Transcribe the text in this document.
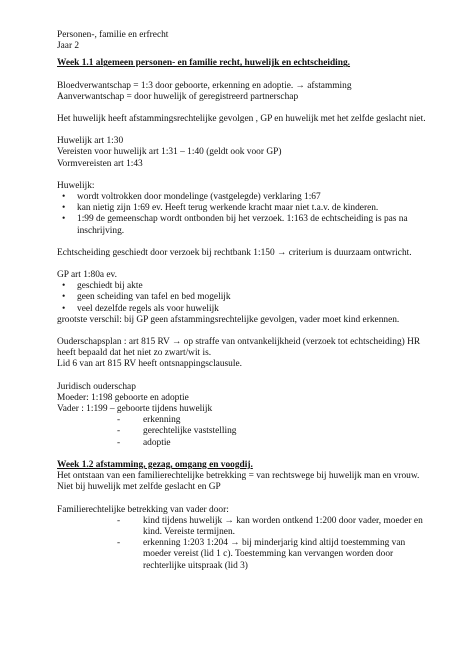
Personen-, familie en erfrecht

Jaar 2

Week 1.1 algemeen personen- en familie recht, huwelijk en echtscheiding.

Bloedverwantschap = 1:3 door geboorte, erkenning en adoptie. → afstamming

Aanverwantschap = door huwelijk of geregistreerd partnerschap

Het huwelijk heeft afstammingsrechtelijke gevolgen , GP en huwelijk met het zelfde geslacht niet.

Huwelijk art 1:30

Vereisten voor huwelijk art 1:31 – 1:40 (geldt ook voor GP)

Vormvereisten art 1:43

Huwelijk:

• wordt voltrokken door mondelinge (vastgelegde) verklaring 1:67
• kan nietig zijn 1:69 ev. Heeft terug werkende kracht maar niet t.a.v. de kinderen.
• 1:99 de gemeenschap wordt ontbonden bij het verzoek. 1:163 de echtscheiding is pas na inschrijving.

Echtscheiding geschiedt door verzoek bij rechtbank 1:150 → criterium is duurzaam ontwricht.

GP art 1:80a ev.

• geschiedt bij akte
• geen scheiding van tafel en bed mogelijk
• veel dezelfde regels als voor huwelijk

grootste verschil: bij GP geen afstammingsrechtelijke gevolgen, vader moet kind erkennen.

Ouderschapsplan : art 815 RV → op straffe van ontvankelijkheid (verzoek tot echtscheiding) HR heeft bepaald dat het niet zo zwart/wit is.

Lid 6 van art 815 RV heeft ontsnappingsclausule.

Juridisch ouderschap

Moeder: 1:198 geboorte en adoptie

Vader : 1:199 – geboorte tijdens huwelijk

- erkenning
- gerechtelijke vaststelling
- adoptie

Week 1.2 afstamming, gezag, omgang en voogdij.

Het ontstaan van een familierechtelijke betrekking = van rechtswege bij huwelijk man en vrouw. Niet bij huwelijk met zelfde geslacht en GP

Familierechtelijke betrekking van vader door:

- kind tijdens huwelijk → kan worden ontkend 1:200 door vader, moeder en kind. Vereiste termijnen.
- erkenning 1:203 1:204 → bij minderjarig kind altijd toestemming van moeder vereist (lid 1 c). Toestemming kan vervangen worden door rechterlijke uitspraak (lid 3)
